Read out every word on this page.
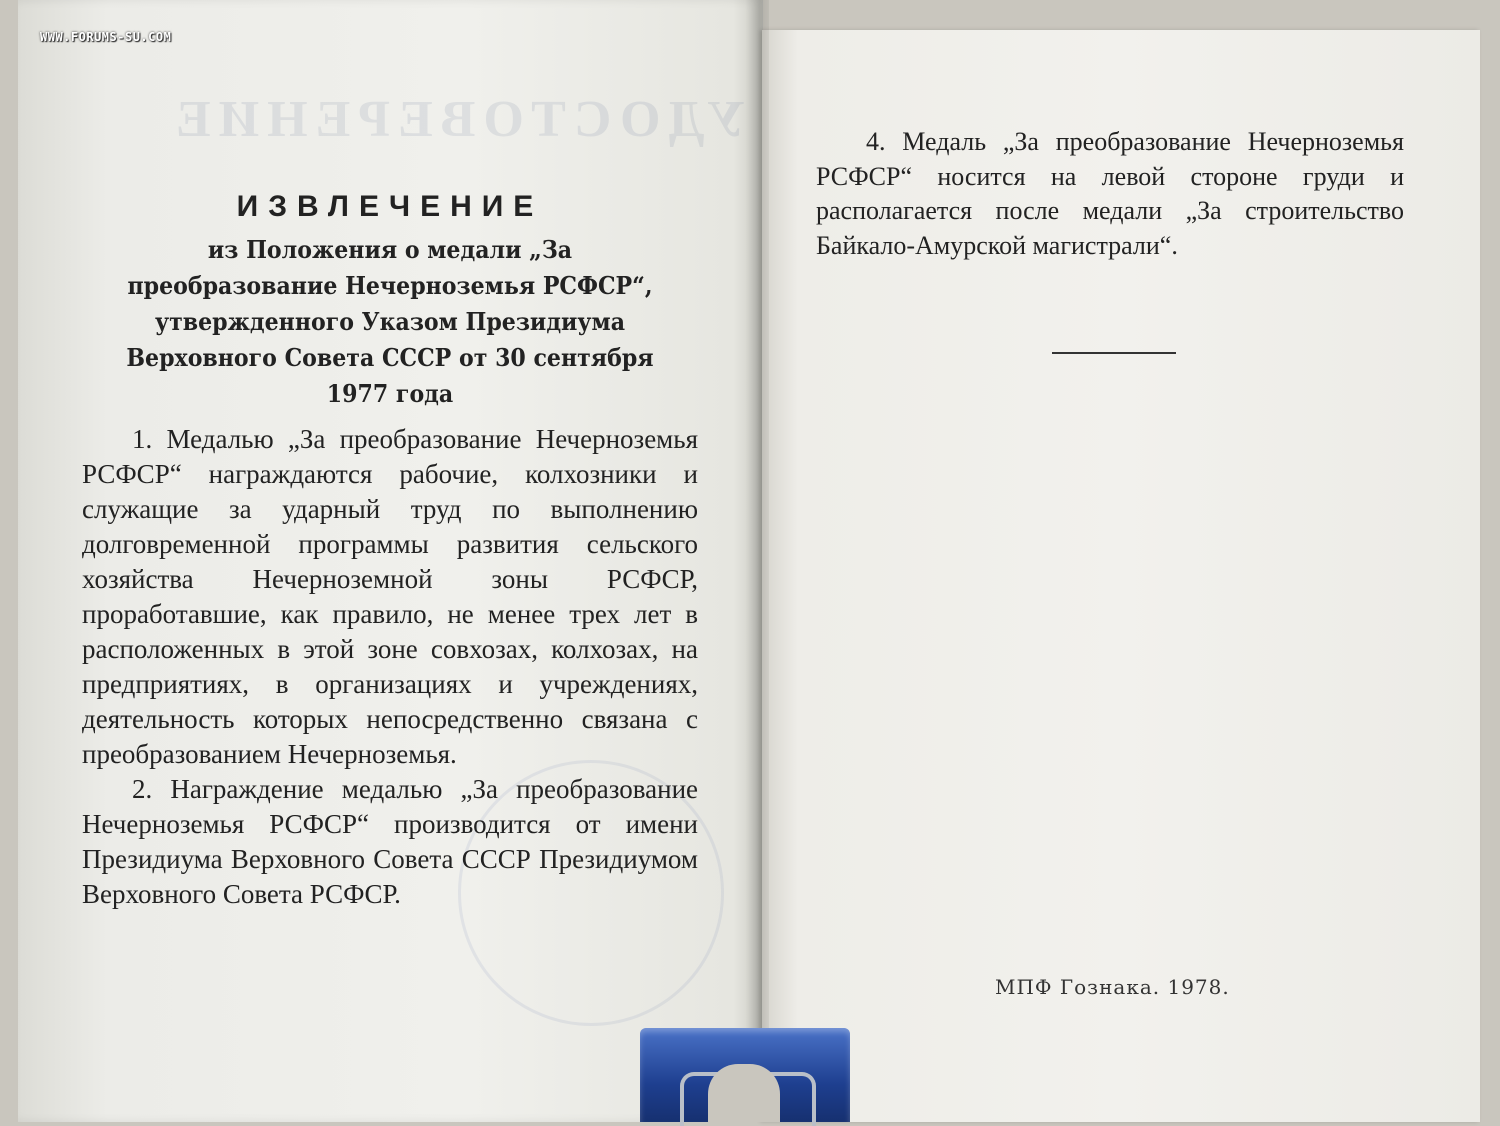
УДОСТОВЕРЕНИЕ
WWW.FORUMS-SU.COM
ИЗВЛЕЧЕНИЕ
из Положения о медали „За преобразование Нечерноземья РСФСР“, утвержденного Указом Президиума Верховного Совета СССР от 30 сентября 1977 года

1. Медалью „За преобразование Нечерноземья РСФСР“ награждаются рабочие, колхозники и служащие за ударный труд по выполнению долговременной программы развития сельского хозяйства Нечерноземной зоны РСФСР, проработавшие, как правило, не менее трех лет в расположенных в этой зоне совхозах, колхозах, на предприятиях, в организациях и учреждениях, деятельность которых непосредственно связана с преобразованием Нечерноземья.

2. Награждение медалью „За преобразование Нечерноземья РСФСР“ производится от имени Президиума Верховного Совета СССР Президиумом Верховного Совета РСФСР.

4. Медаль „За преобразование Нечерноземья РСФСР“ носится на левой стороне груди и располагается после медали „За строительство Байкало-Амурской магистрали“.

МПФ Гознака. 1978.
